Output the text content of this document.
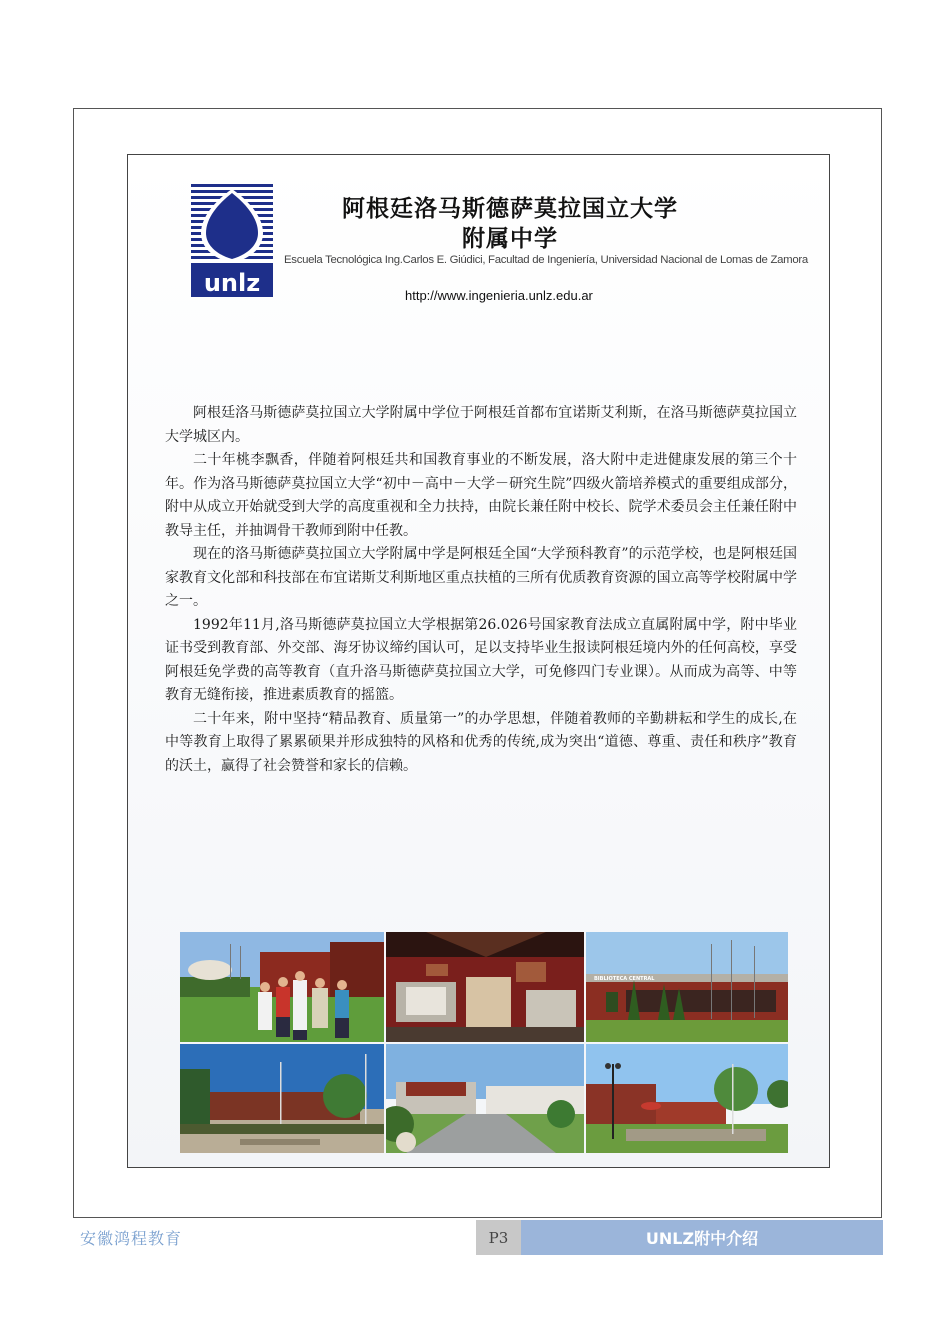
unlz
阿根廷洛马斯德萨莫拉国立大学
附属中学
Escuela Tecnológica Ing.Carlos E. Giúdici, Facultad de Ingeniería, Universidad Nacional de Lomas de Zamora
http://www.ingenieria.unlz.edu.ar

阿根廷洛马斯德萨莫拉国立大学附属中学位于阿根廷首都布宜诺斯艾利斯，在洛马斯德萨莫拉国立大学城区内。

二十年桃李飘香，伴随着阿根廷共和国教育事业的不断发展，洛大附中走进健康发展的第三个十年。作为洛马斯德萨莫拉国立大学“初中－高中－大学－研究生院”四级火箭培养模式的重要组成部分，附中从成立开始就受到大学的高度重视和全力扶持，由院长兼任附中校长、院学术委员会主任兼任附中教导主任，并抽调骨干教师到附中任教。

现在的洛马斯德萨莫拉国立大学附属中学是阿根廷全国“大学预科教育”的示范学校，也是阿根廷国家教育文化部和科技部在布宜诺斯艾利斯地区重点扶植的三所有优质教育资源的国立高等学校附属中学之一。

1992年11月,洛马斯德萨莫拉国立大学根据第26.026号国家教育法成立直属附属中学，附中毕业证书受到教育部、外交部、海牙协议缔约国认可，足以支持毕业生报读阿根廷境内外的任何高校，享受阿根廷免学费的高等教育（直升洛马斯德萨莫拉国立大学，可免修四门专业课）。从而成为高等、中等教育无缝衔接，推进素质教育的摇篮。

二十年来，附中坚持“精品教育、质量第一”的办学思想，伴随着教师的辛勤耕耘和学生的成长,在中等教育上取得了累累硕果并形成独特的风格和优秀的传统,成为突出“道德、尊重、责任和秩序”教育的沃土，赢得了社会赞誉和家长的信赖。

BIBLIOTECA CENTRAL
安徽鸿程教育	P3	UNLZ附中介绍
